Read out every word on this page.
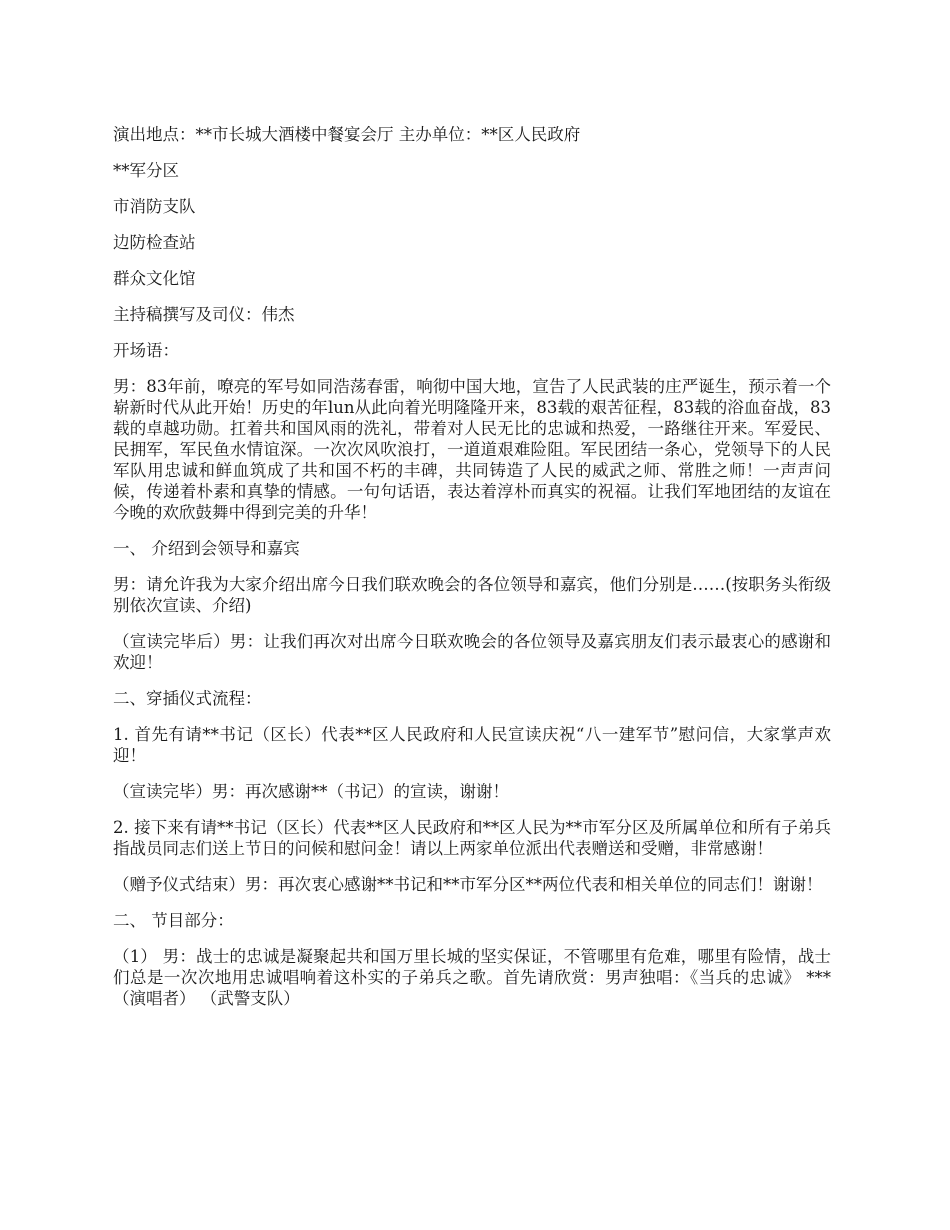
演出地点：**市长城大酒楼中餐宴会厅 主办单位：**区人民政府

**军分区

市消防支队

边防检查站

群众文化馆

主持稿撰写及司仪：伟杰

开场语：

男：83年前，嘹亮的军号如同浩荡春雷，响彻中国大地，宣告了人民武装的庄严诞生，预示着一个崭新时代从此开始！历史的年lun从此向着光明隆隆开来，83载的艰苦征程，83载的浴血奋战，83载的卓越功勋。扛着共和国风雨的洗礼，带着对人民无比的忠诚和热爱，一路继往开来。军爱民、民拥军，军民鱼水情谊深。一次次风吹浪打，一道道艰难险阻。军民团结一条心，党领导下的人民军队用忠诚和鲜血筑成了共和国不朽的丰碑，共同铸造了人民的威武之师、常胜之师！一声声问候，传递着朴素和真挚的情感。一句句话语，表达着淳朴而真实的祝福。让我们军地团结的友谊在今晚的欢欣鼓舞中得到完美的升华！

一、 介绍到会领导和嘉宾

男：请允许我为大家介绍出席今日我们联欢晚会的各位领导和嘉宾，他们分别是……(按职务头衔级别依次宣读、介绍)

（宣读完毕后）男：让我们再次对出席今日联欢晚会的各位领导及嘉宾朋友们表示最衷心的感谢和欢迎！

二、穿插仪式流程：

1. 首先有请**书记（区长）代表**区人民政府和人民宣读庆祝“八一建军节”慰问信，大家掌声欢迎！

（宣读完毕）男：再次感谢**（书记）的宣读，谢谢！

2. 接下来有请**书记（区长）代表**区人民政府和**区人民为**市军分区及所属单位和所有子弟兵指战员同志们送上节日的问候和慰问金！请以上两家单位派出代表赠送和受赠，非常感谢！

（赠予仪式结束）男：再次衷心感谢**书记和**市军分区**两位代表和相关单位的同志们！谢谢！

二、 节目部分：

（1） 男：战士的忠诚是凝聚起共和国万里长城的坚实保证，不管哪里有危难，哪里有险情，战士们总是一次次地用忠诚唱响着这朴实的子弟兵之歌。首先请欣赏：男声独唱：《当兵的忠诚》 ***（演唱者） （武警支队）
